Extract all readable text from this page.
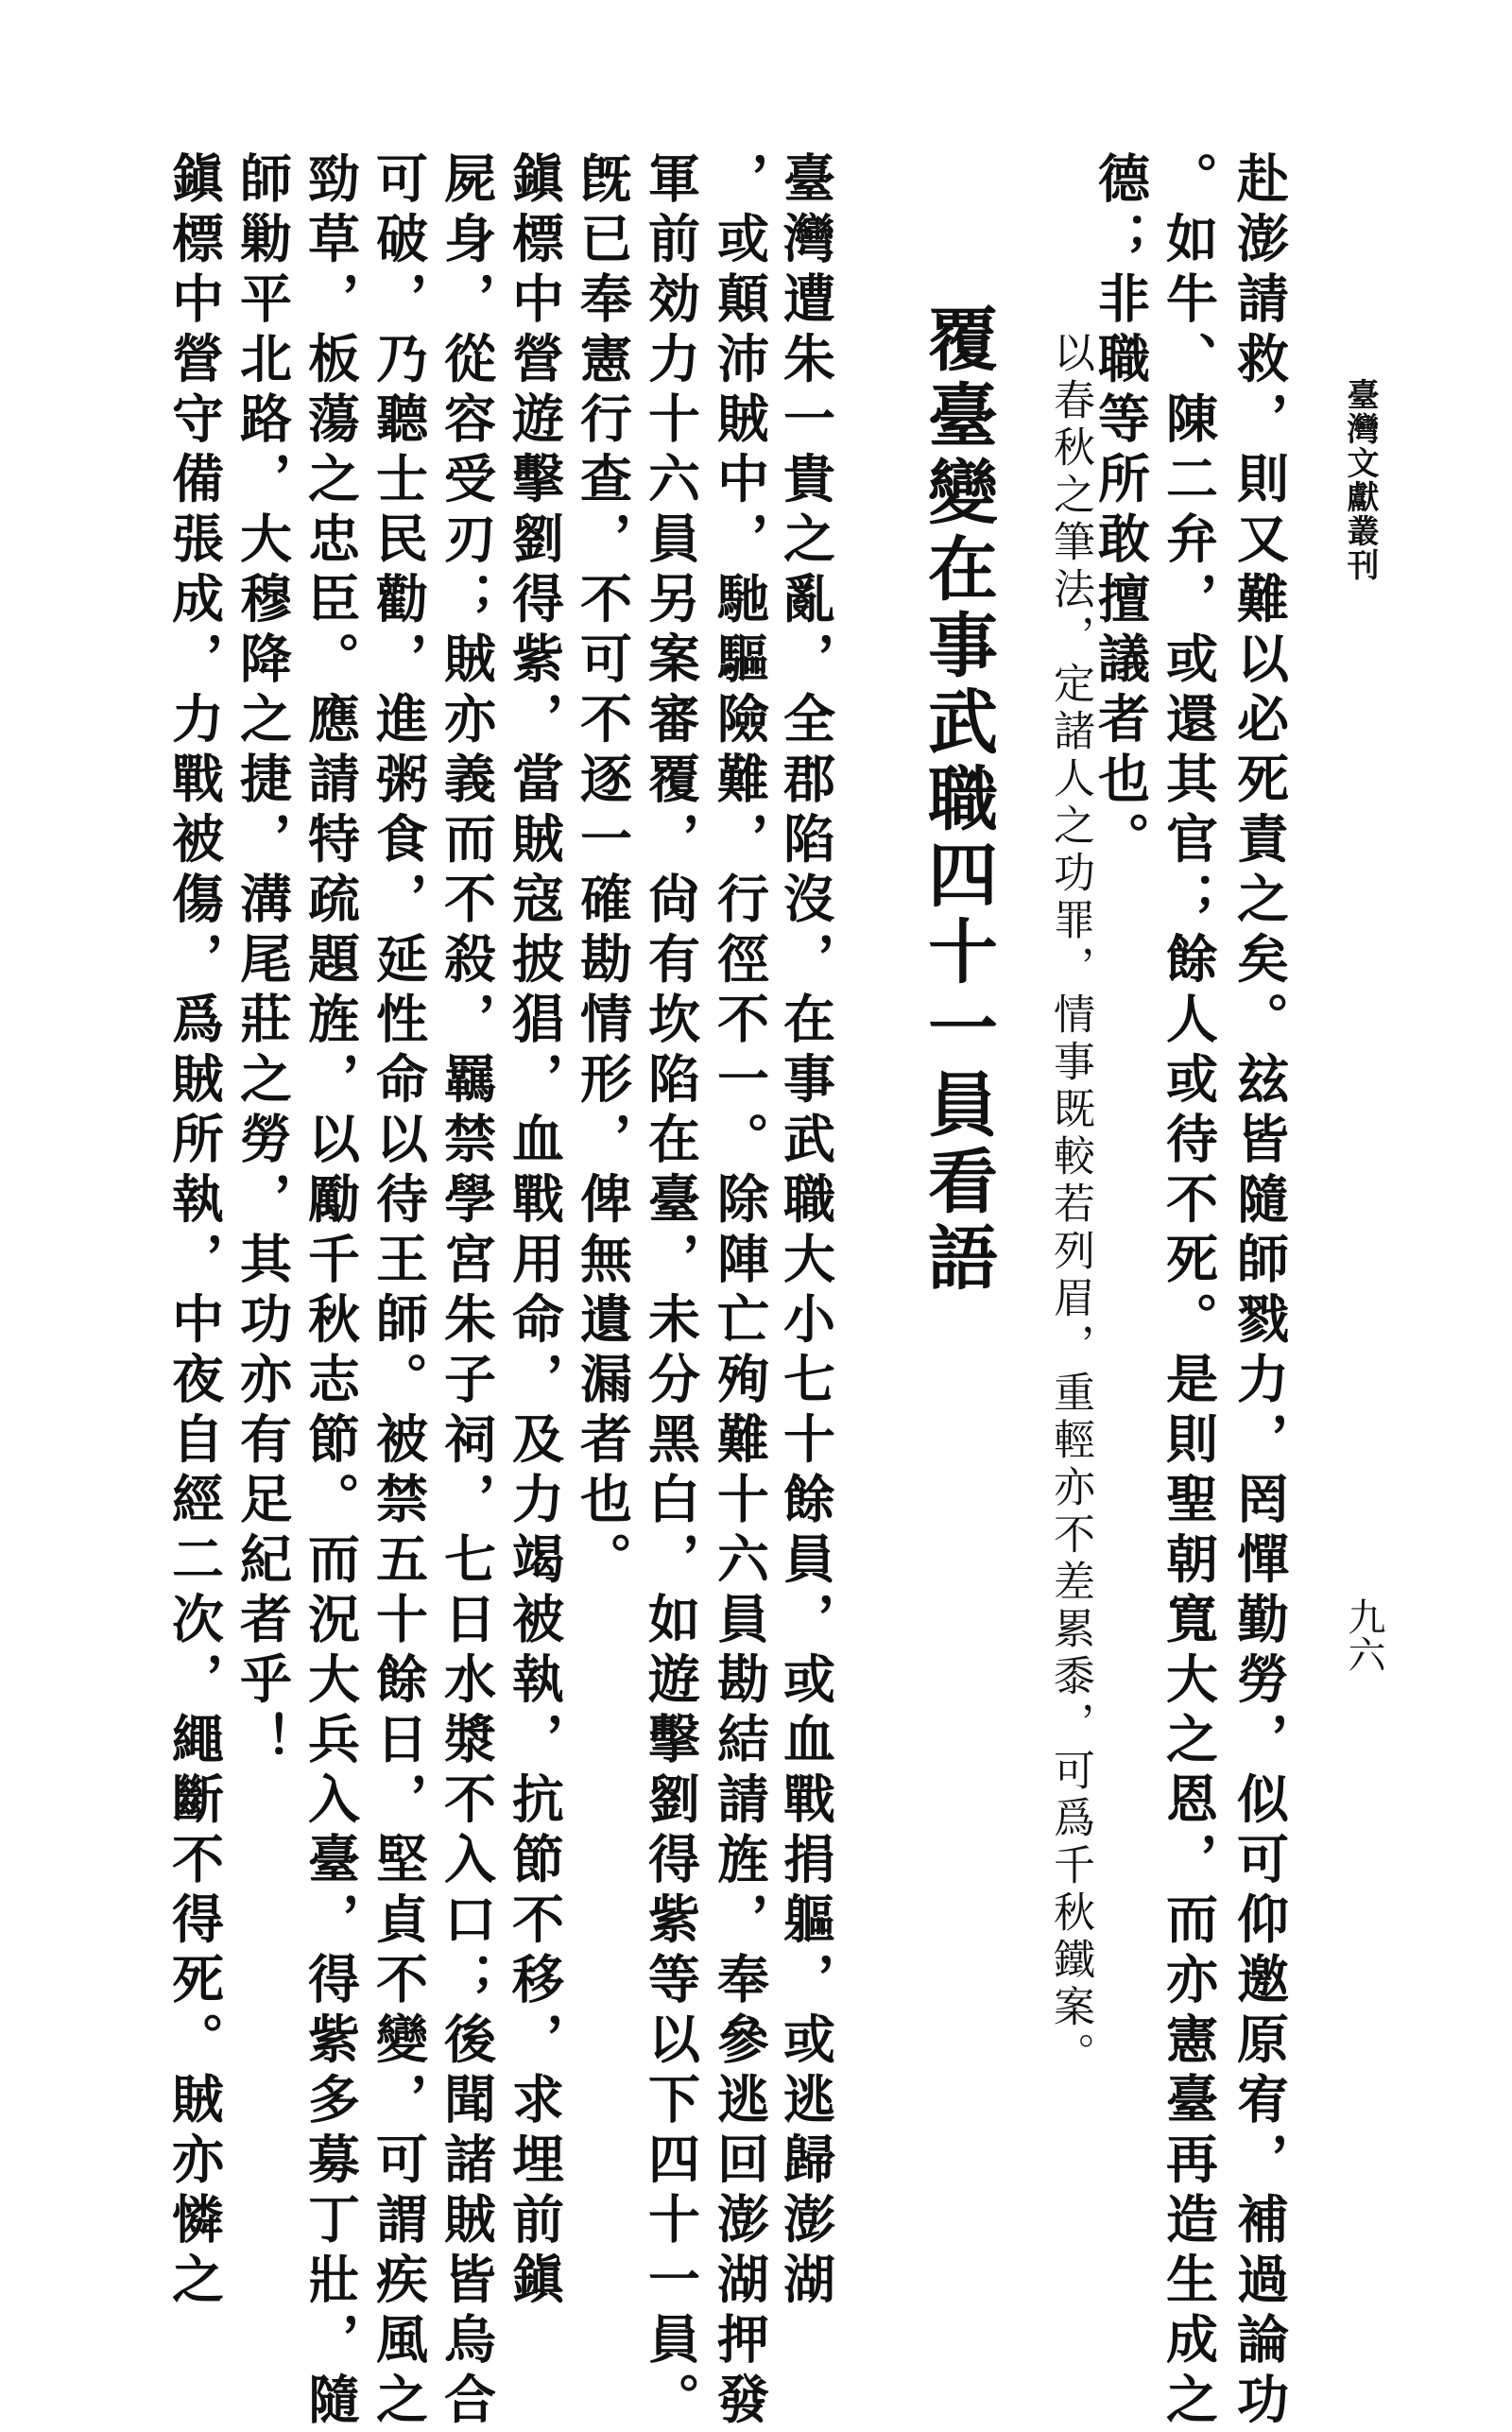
臺灣文獻叢刊
九六
赴澎請救，則又難以必死責之矣。玆皆隨師戮力，罔憚勤勞，似可仰邀原宥，補過論功
。如牛、陳二弁，或還其官；餘人或待不死。是則聖朝寬大之恩，而亦憲臺再造生成之
德；非職等所敢擅議者也。
以春秋之筆法，定諸人之功罪，情事既較若列眉，重輕亦不差累黍，可爲千秋鐵案。
覆臺變在事武職四十一員看語
臺灣遭朱一貴之亂，全郡陷沒，在事武職大小七十餘員，或血戰捐軀，或逃歸澎湖
，或顛沛賊中，馳驅險難，行徑不一。除陣亡殉難十六員勘結請旌，奉參逃回澎湖押發
軍前効力十六員另案審覆，尙有坎陷在臺，未分黑白，如遊擊劉得紫等以下四十一員。
旣已奉憲行查，不可不逐一確勘情形，俾無遺漏者也。
鎭標中營遊擊劉得紫，當賊寇披猖，血戰用命，及力竭被執，抗節不移，求埋前鎭
屍身，從容受刃；賊亦義而不殺，羈禁學宮朱子祠，七日水漿不入口；後聞諸賊皆烏合
可破，乃聽士民勸，進粥食，延性命以待王師。被禁五十餘日，堅貞不變，可謂疾風之
勁草，板蕩之忠臣。應請特疏題旌，以勵千秋志節。而況大兵入臺，得紫多募丁壯，隨
師勦平北路，大穆降之捷，溝尾莊之勞，其功亦有足紀者乎！
鎭標中營守備張成，力戰被傷，爲賊所執，中夜自經二次，繩斷不得死。賊亦憐之
